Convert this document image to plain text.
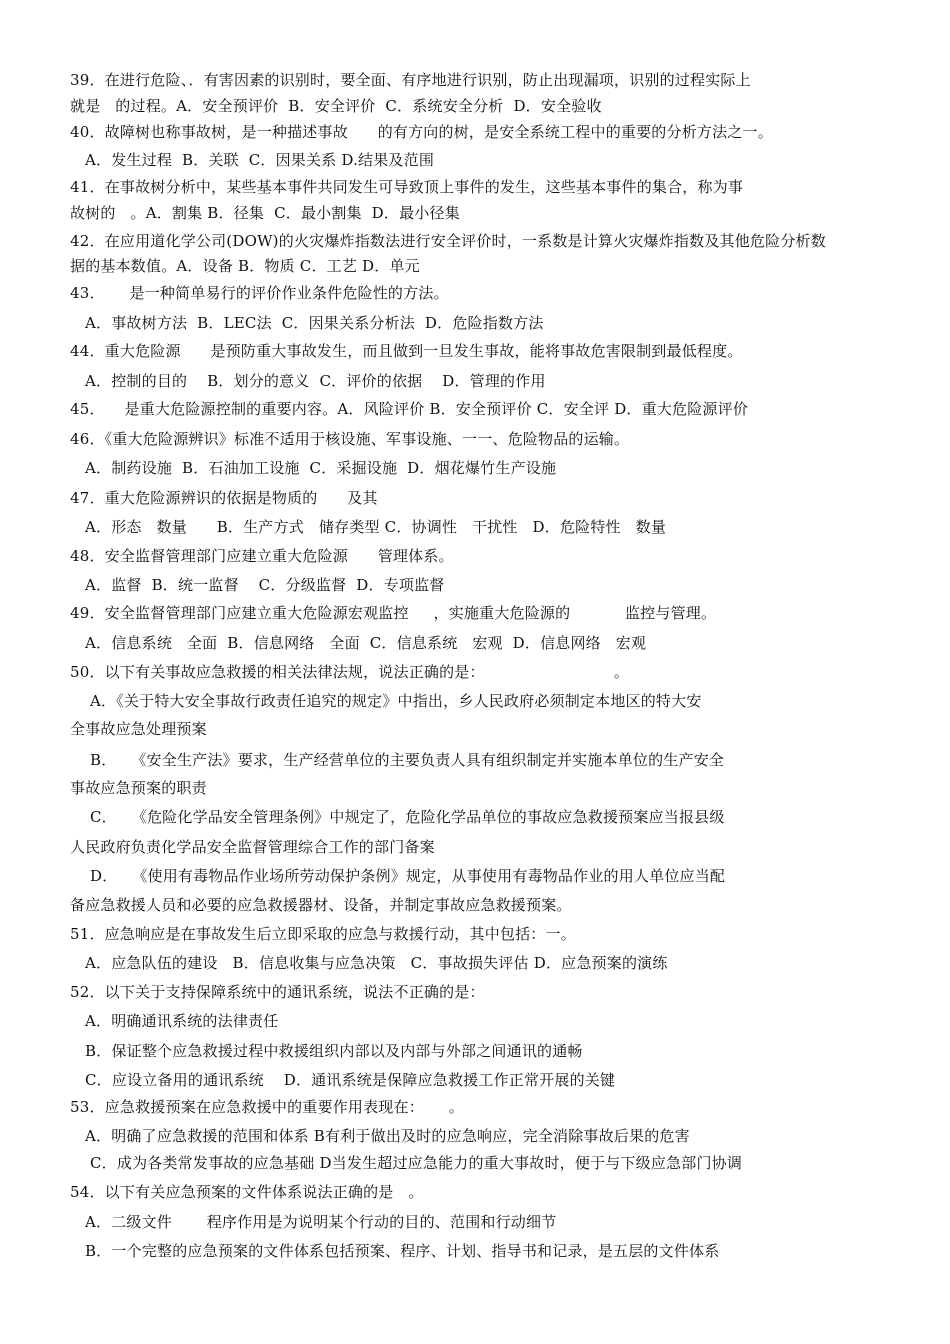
39．在进行危险、．有害因素的识别时，要全面、有序地进行识别，防止出现漏项，识别的过程实际上
就是   的过程。A．安全预评价  B．安全评价  C．系统安全分析  D．安全验收
40．故障树也称事故树，是一种描述事故      的有方向的树，是安全系统工程中的重要的分析方法之一。
A．发生过程  B．关联  C．因果关系 D.结果及范围
41．在事故树分析中，某些基本事件共同发生可导致顶上事件的发生，这些基本事件的集合，称为事
故树的   。A．割集 B．径集  C．最小割集  D．最小径集
42．在应用道化学公司(DOW)的火灾爆炸指数法进行安全评价时，一系数是计算火灾爆炸指数及其他危险分析数
据的基本数值。A．设备 B．物质 C．工艺 D．单元
43．     是一种简单易行的评价作业条件危险性的方法。
A．事故树方法  B．LEC法  C．因果关系分析法  D．危险指数方法
44．重大危险源      是预防重大事故发生，而且做到一旦发生事故，能将事故危害限制到最低程度。
A．控制的目的    B．划分的意义  C．评价的依据    D．管理的作用
45．    是重大危险源控制的重要内容。A．风险评价 B．安全预评价 C．安全评 D．重大危险源评价
46．《重大危险源辨识》标准不适用于核设施、军事设施、一一、危险物品的运输。
A．制药设施  B．石油加工设施  C．采掘设施  D．烟花爆竹生产设施
47．重大危险源辨识的依据是物质的      及其
A．形态   数量      B．生产方式   储存类型 C．协调性   干扰性   D．危险特性   数量
48．安全监督管理部门应建立重大危险源      管理体系。
A．监督  B．统一监督    C．分级监督  D．专项监督
49．安全监督管理部门应建立重大危险源宏观监控     ，实施重大危险源的           监控与管理。
A．信息系统   全面  B．信息网络   全面  C．信息系统   宏观  D．信息网络   宏观
50．以下有关事故应急救援的相关法律法规，说法正确的是：                          。
A．《关于特大安全事故行政责任追究的规定》中指出，乡人民政府必须制定本地区的特大安
全事故应急处理预案
B．   《安全生产法》要求，生产经营单位的主要负责人具有组织制定并实施本单位的生产安全
事故应急预案的职责
C．   《危险化学品安全管理条例》中规定了，危险化学品单位的事故应急救援预案应当报县级
人民政府负责化学品安全监督管理综合工作的部门备案
D．   《使用有毒物品作业场所劳动保护条例》规定，从事使用有毒物品作业的用人单位应当配
备应急救援人员和必要的应急救援器材、设备，并制定事故应急救援预案。
51．应急响应是在事故发生后立即采取的应急与救援行动，其中包括：一。
A．应急队伍的建设   B．信息收集与应急决策   C．事故损失评估 D．应急预案的演练
52．以下关于支持保障系统中的通讯系统，说法不正确的是：
A．明确通讯系统的法律责任
B．保证整个应急救援过程中救援组织内部以及内部与外部之间通讯的通畅
C．应设立备用的通讯系统    D．通讯系统是保障应急救援工作正常开展的关键
53．应急救援预案在应急救援中的重要作用表现在：     。
A．明确了应急救援的范围和体系 B有利于做出及时的应急响应，完全消除事故后果的危害
C．成为各类常发事故的应急基础 D当发生超过应急能力的重大事故时，便于与下级应急部门协调
54．以下有关应急预案的文件体系说法正确的是   。
A．二级文件       程序作用是为说明某个行动的目的、范围和行动细节
B．一个完整的应急预案的文件体系包括预案、程序、计划、指导书和记录，是五层的文件体系
